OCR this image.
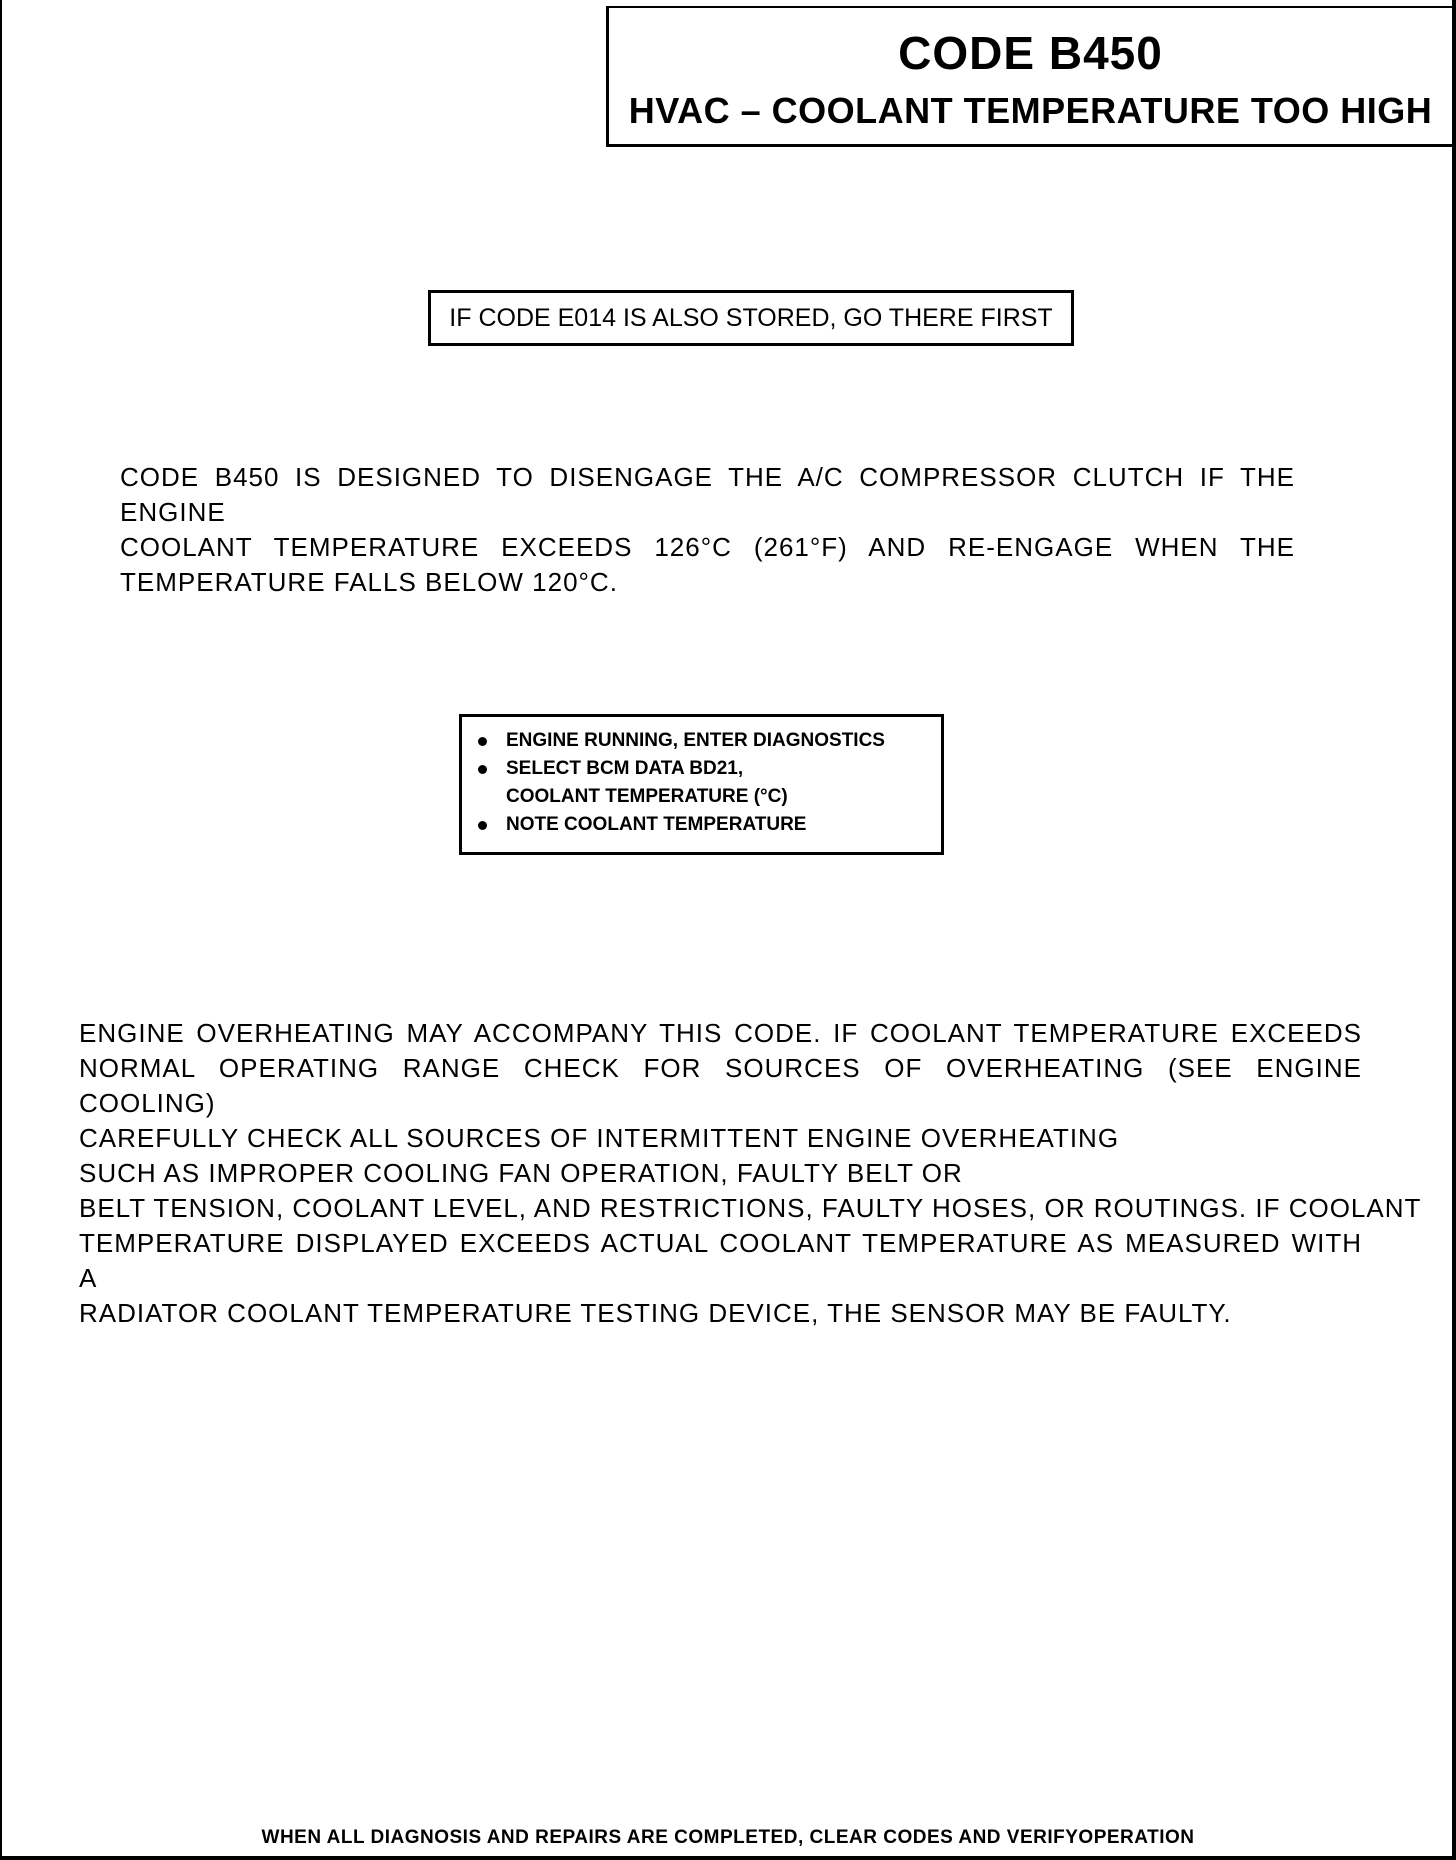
CODE B450
HVAC – COOLANT TEMPERATURE TOO HIGH
IF CODE E014 IS ALSO STORED, GO THERE FIRST
CODE B450 IS DESIGNED TO DISENGAGE THE A/C COMPRESSOR CLUTCH IF THE ENGINE
COOLANT TEMPERATURE EXCEEDS 126°C (261°F) AND RE-ENGAGE WHEN THE
TEMPERATURE FALLS BELOW 120°C.
ENGINE RUNNING, ENTER DIAGNOSTICS
SELECT BCM DATA BD21,
COOLANT TEMPERATURE (°C)
NOTE COOLANT TEMPERATURE
ENGINE OVERHEATING MAY ACCOMPANY THIS CODE. IF COOLANT TEMPERATURE EXCEEDS
NORMAL OPERATING RANGE CHECK FOR SOURCES OF OVERHEATING (SEE ENGINE COOLING)
CAREFULLY CHECK ALL SOURCES OF INTERMITTENT ENGINE OVERHEATING
SUCH AS IMPROPER COOLING FAN OPERATION, FAULTY BELT OR
BELT TENSION, COOLANT LEVEL, AND RESTRICTIONS, FAULTY HOSES, OR ROUTINGS. IF COOLANT
TEMPERATURE DISPLAYED EXCEEDS ACTUAL COOLANT TEMPERATURE AS MEASURED WITH A
RADIATOR COOLANT TEMPERATURE TESTING DEVICE, THE SENSOR MAY BE FAULTY.
WHEN ALL DIAGNOSIS AND REPAIRS ARE COMPLETED, CLEAR CODES AND VERIFYOPERATION
